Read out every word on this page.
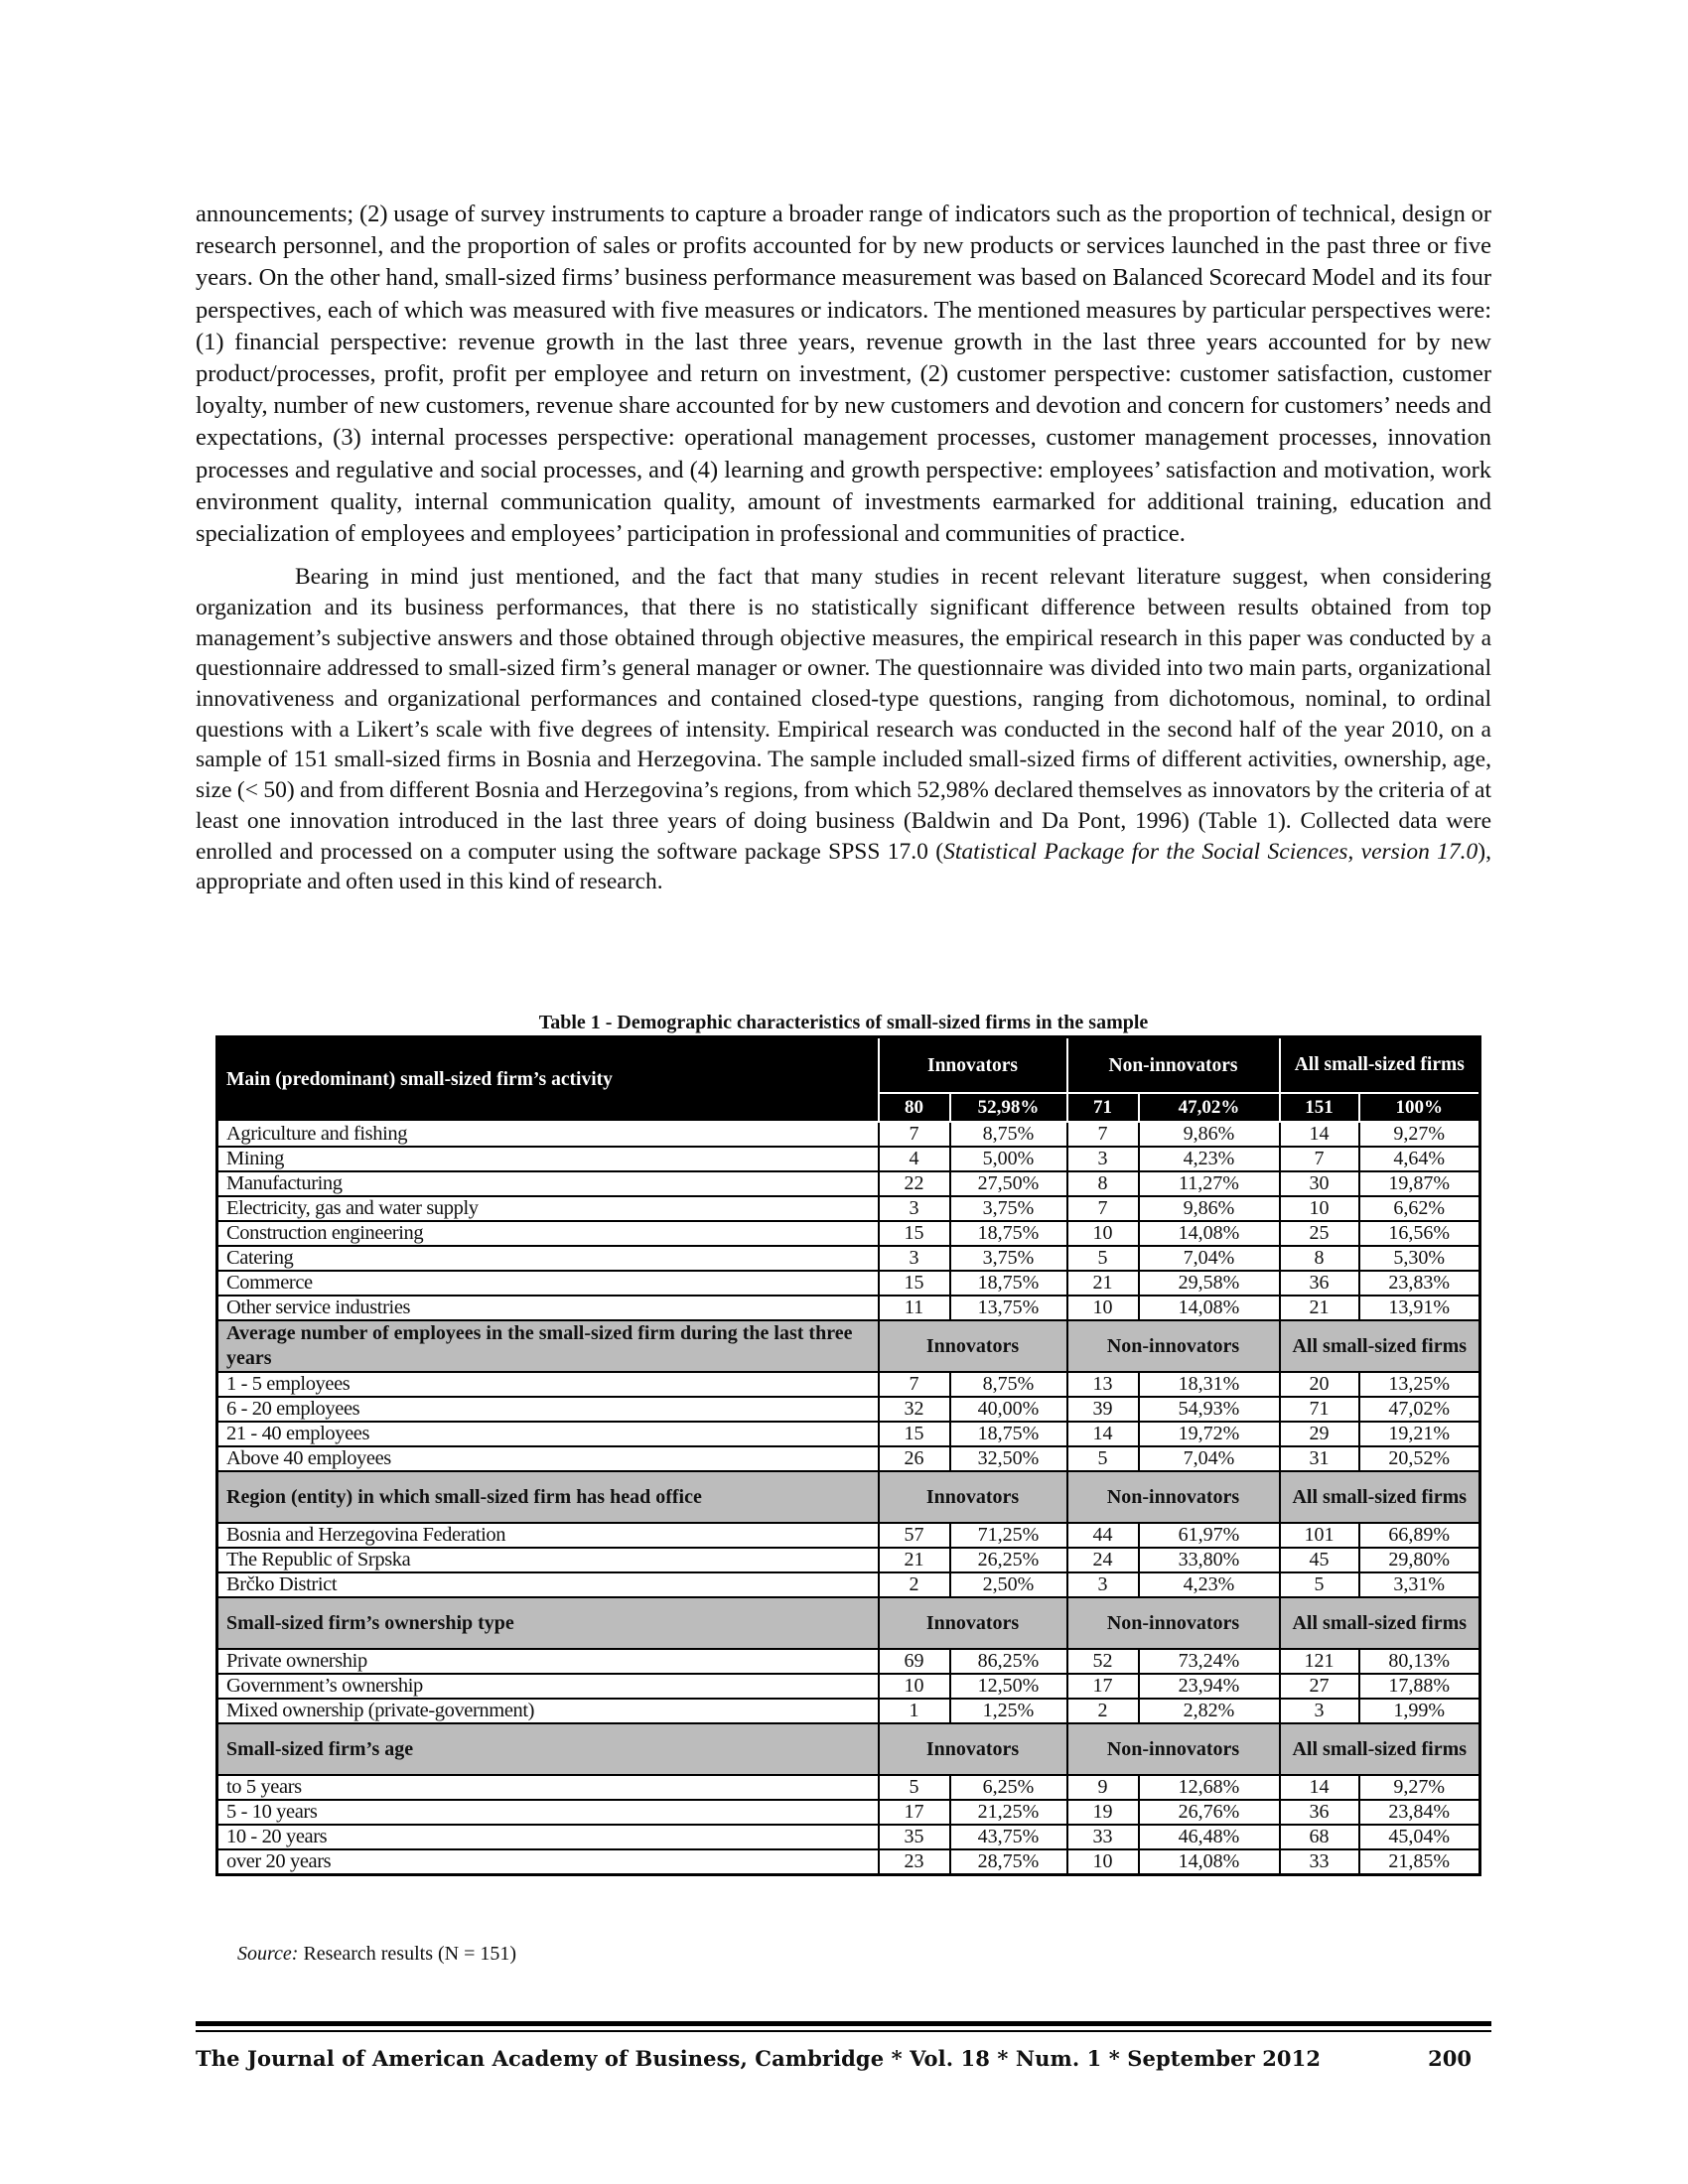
announcements; (2) usage of survey instruments to capture a broader range of indicators such as the proportion of technical, design or research personnel, and the proportion of sales or profits accounted for by new products or services launched in the past three or five years. On the other hand, small-sized firms’ business performance measurement was based on Balanced Scorecard Model and its four perspectives, each of which was measured with five measures or indicators. The mentioned measures by particular perspectives were: (1) financial perspective: revenue growth in the last three years, revenue growth in the last three years accounted for by new product/processes, profit, profit per employee and return on investment, (2) customer perspective: customer satisfaction, customer loyalty, number of new customers, revenue share accounted for by new customers and devotion and concern for customers’ needs and expectations, (3) internal processes perspective: operational management processes, customer management processes, innovation processes and regulative and social processes, and (4) learning and growth perspective: employees’ satisfaction and motivation, work environment quality, internal communication quality, amount of investments earmarked for additional training, education and specialization of employees and employees’ participation in professional and communities of practice.

Bearing in mind just mentioned, and the fact that many studies in recent relevant literature suggest, when considering organization and its business performances, that there is no statistically significant difference between results obtained from top management’s subjective answers and those obtained through objective measures, the empirical research in this paper was conducted by a questionnaire addressed to small-sized firm’s general manager or owner. The questionnaire was divided into two main parts, organizational innovativeness and organizational performances and contained closed-type questions, ranging from dichotomous, nominal, to ordinal questions with a Likert’s scale with five degrees of intensity. Empirical research was conducted in the second half of the year 2010, on a sample of 151 small-sized firms in Bosnia and Herzegovina. The sample included small-sized firms of different activities, ownership, age, size (< 50) and from different Bosnia and Herzegovina’s regions, from which 52,98% declared themselves as innovators by the criteria of at least one innovation introduced in the last three years of doing business (Baldwin and Da Pont, 1996) (Table 1). Collected data were enrolled and processed on a computer using the software package SPSS 17.0 (Statistical Package for the Social Sciences, version 17.0), appropriate and often used in this kind of research.

Table 1 - Demographic characteristics of small-sized firms in the sample
Main (predominant) small-sized firm’s activity	Innovators		Non-innovators		All small-sized firms	
	80	52,98%	71	47,02%	151	100%
Agriculture and fishing	7	8,75%	7	9,86%	14	9,27%
Mining	4	5,00%	3	4,23%	7	4,64%
Manufacturing	22	27,50%	8	11,27%	30	19,87%
Electricity, gas and water supply	3	3,75%	7	9,86%	10	6,62%
Construction engineering	15	18,75%	10	14,08%	25	16,56%
Catering	3	3,75%	5	7,04%	8	5,30%
Commerce	15	18,75%	21	29,58%	36	23,83%
Other service industries	11	13,75%	10	14,08%	21	13,91%
Average number of employees in the small-sized firm during the last three years	Innovators		Non-innovators		All small-sized firms	
1 - 5 employees	7	8,75%	13	18,31%	20	13,25%
6 - 20 employees	32	40,00%	39	54,93%	71	47,02%
21 - 40 employees	15	18,75%	14	19,72%	29	19,21%
Above 40 employees	26	32,50%	5	7,04%	31	20,52%
Region (entity) in which small-sized firm has head office	Innovators		Non-innovators		All small-sized firms	
Bosnia and Herzegovina Federation	57	71,25%	44	61,97%	101	66,89%
The Republic of Srpska	21	26,25%	24	33,80%	45	29,80%
Brčko District	2	2,50%	3	4,23%	5	3,31%
Small-sized firm’s ownership type	Innovators		Non-innovators		All small-sized firms	
Private ownership	69	86,25%	52	73,24%	121	80,13%
Government’s ownership	10	12,50%	17	23,94%	27	17,88%
Mixed ownership (private-government)	1	1,25%	2	2,82%	3	1,99%
Small-sized firm’s age	Innovators		Non-innovators		All small-sized firms	
to 5 years	5	6,25%	9	12,68%	14	9,27%
5 - 10 years	17	21,25%	19	26,76%	36	23,84%
10 - 20 years	35	43,75%	33	46,48%	68	45,04%
over 20 years	23	28,75%	10	14,08%	33	21,85%
Source: Research results (N = 151)
The Journal of American Academy of Business, Cambridge * Vol. 18 * Num. 1 * September 2012	200
